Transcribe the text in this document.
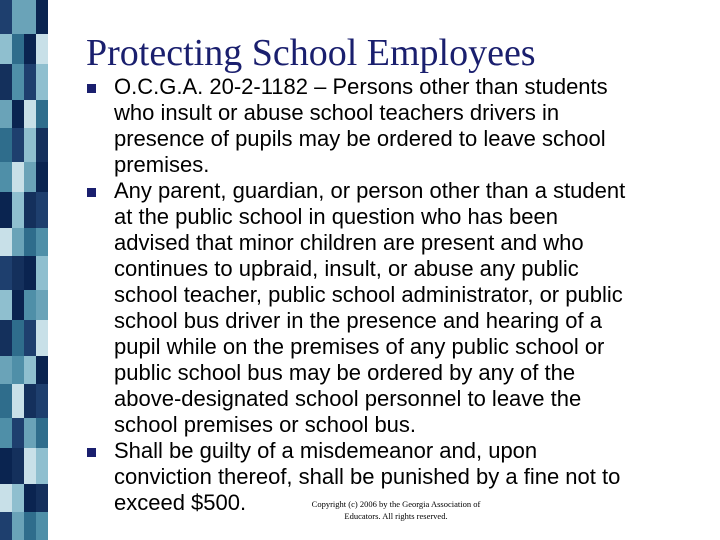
Protecting School Employees
O.C.G.A. 20-2-1182 – Persons other than students
who insult or abuse school teachers drivers in
presence of pupils may be ordered to leave school
premises.
Any parent, guardian, or person other than a student
at the public school in question who has been
advised that minor children are present and who
continues to upbraid, insult, or abuse any public
school teacher, public school administrator, or public
school bus driver in the presence and hearing of a
pupil while on the premises of any public school or
public school bus may be ordered by any of the
above-designated school personnel to leave the
school premises or school bus.
Shall be guilty of a misdemeanor and, upon
conviction thereof, shall be punished by a fine not to
exceed $500.	Copyright (c) 2006 by the Georgia Association of
Educators. All rights reserved.
